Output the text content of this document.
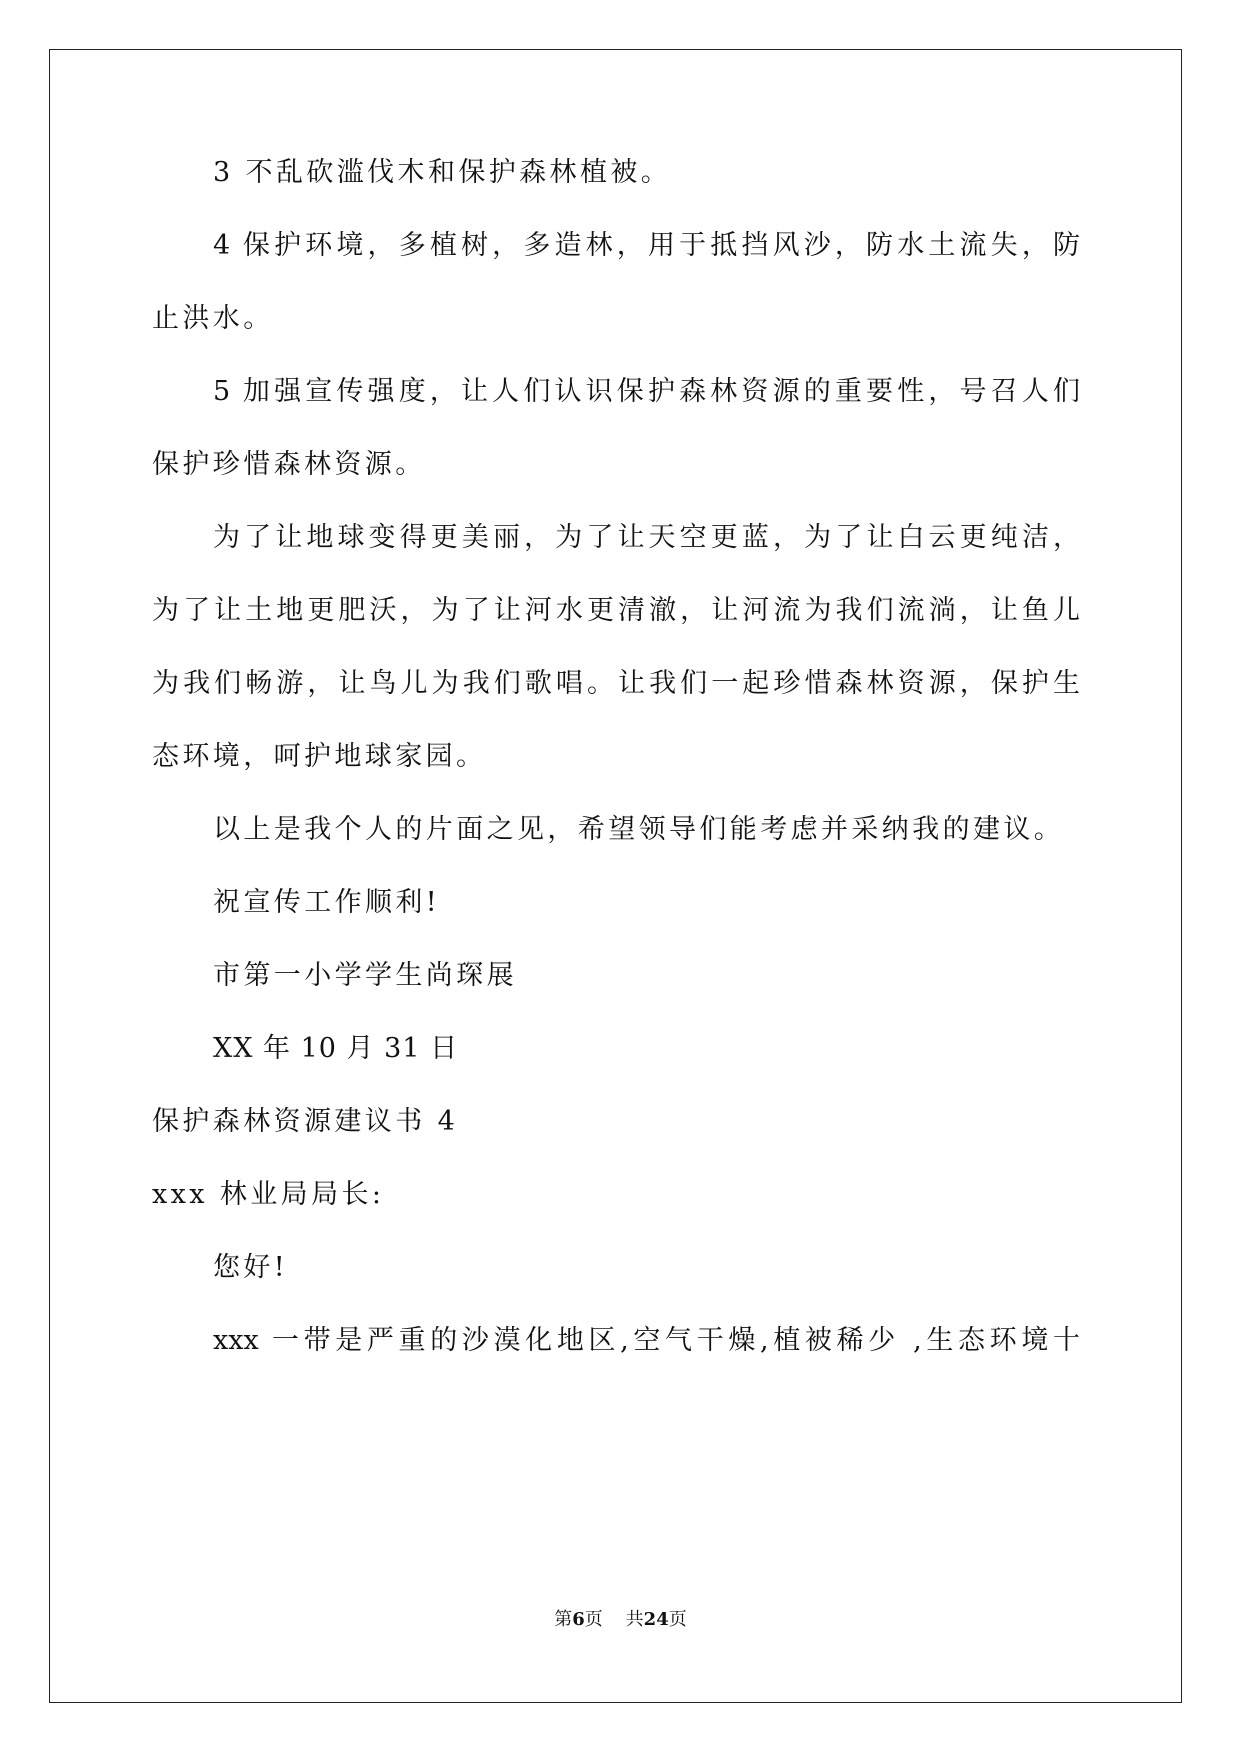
3 不乱砍滥伐木和保护森林植被。
4 保护环境，多植树，多造林，用于抵挡风沙，防水土流失，防
止洪水。
5 加强宣传强度，让人们认识保护森林资源的重要性，号召人们
保护珍惜森林资源。
为了让地球变得更美丽，为了让天空更蓝，为了让白云更纯洁，
为了让土地更肥沃，为了让河水更清澈，让河流为我们流淌，让鱼儿
为我们畅游，让鸟儿为我们歌唱。让我们一起珍惜森林资源，保护生
态环境，呵护地球家园。
以上是我个人的片面之见，希望领导们能考虑并采纳我的建议。
祝宣传工作顺利!
市第一小学学生尚琛展
XX 年 10 月 31 日
保护森林资源建议书 4
xxx 林业局局长:
您好!
xxx 一带是严重的沙漠化地区,空气干燥,植被稀少 ,生态环境十
第6页 共24页
